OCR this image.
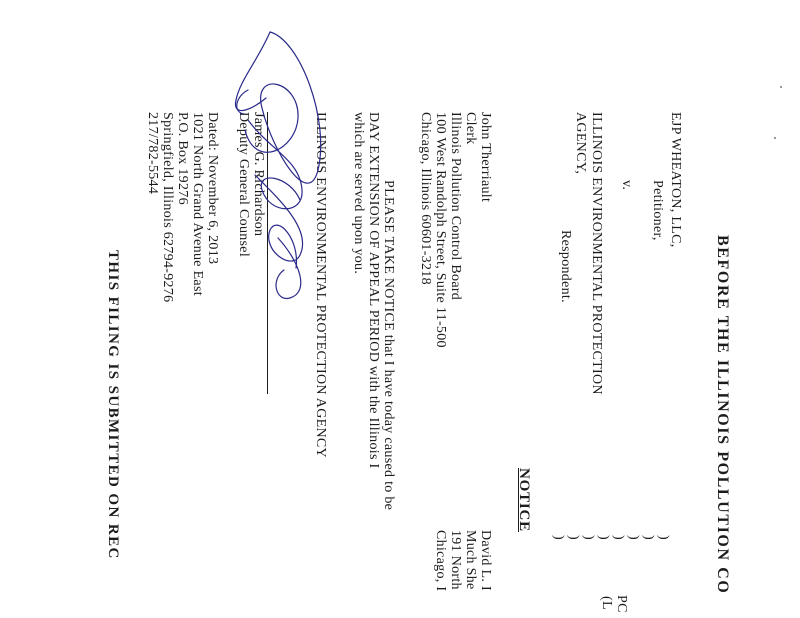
BEFORE THE ILLINOIS POLLUTION CO
EJP WHEATON, LLC,
Petitioner,
v.
ILLINOIS ENVIRONMENTAL PROTECTION
AGENCY,
Respondent.
)
)
)
)
)
)
)
)
PC
(L
NOTICE
John Therriault
Clerk
Illinois Pollution Control Board
100 West Randolph Street, Suite 11-500
Chicago, Illinois 60601-3218
David L. I
Much She
191 North
Chicago, I
PLEASE TAKE NOTICE that I have today caused to be
DAY EXTENSION OF APPEAL PERIOD with the Illinois I
which are served upon you.
ILLINOIS ENVIRONMENTAL PROTECTION AGENCY
James G. Richardson
Deputy General Counsel
Dated: November 6, 2013
1021 North Grand Avenue East
P.O. Box 19276
Springfield, Illinois 62794-9276
217/782-5544
THIS FILING IS SUBMITTED ON REC
